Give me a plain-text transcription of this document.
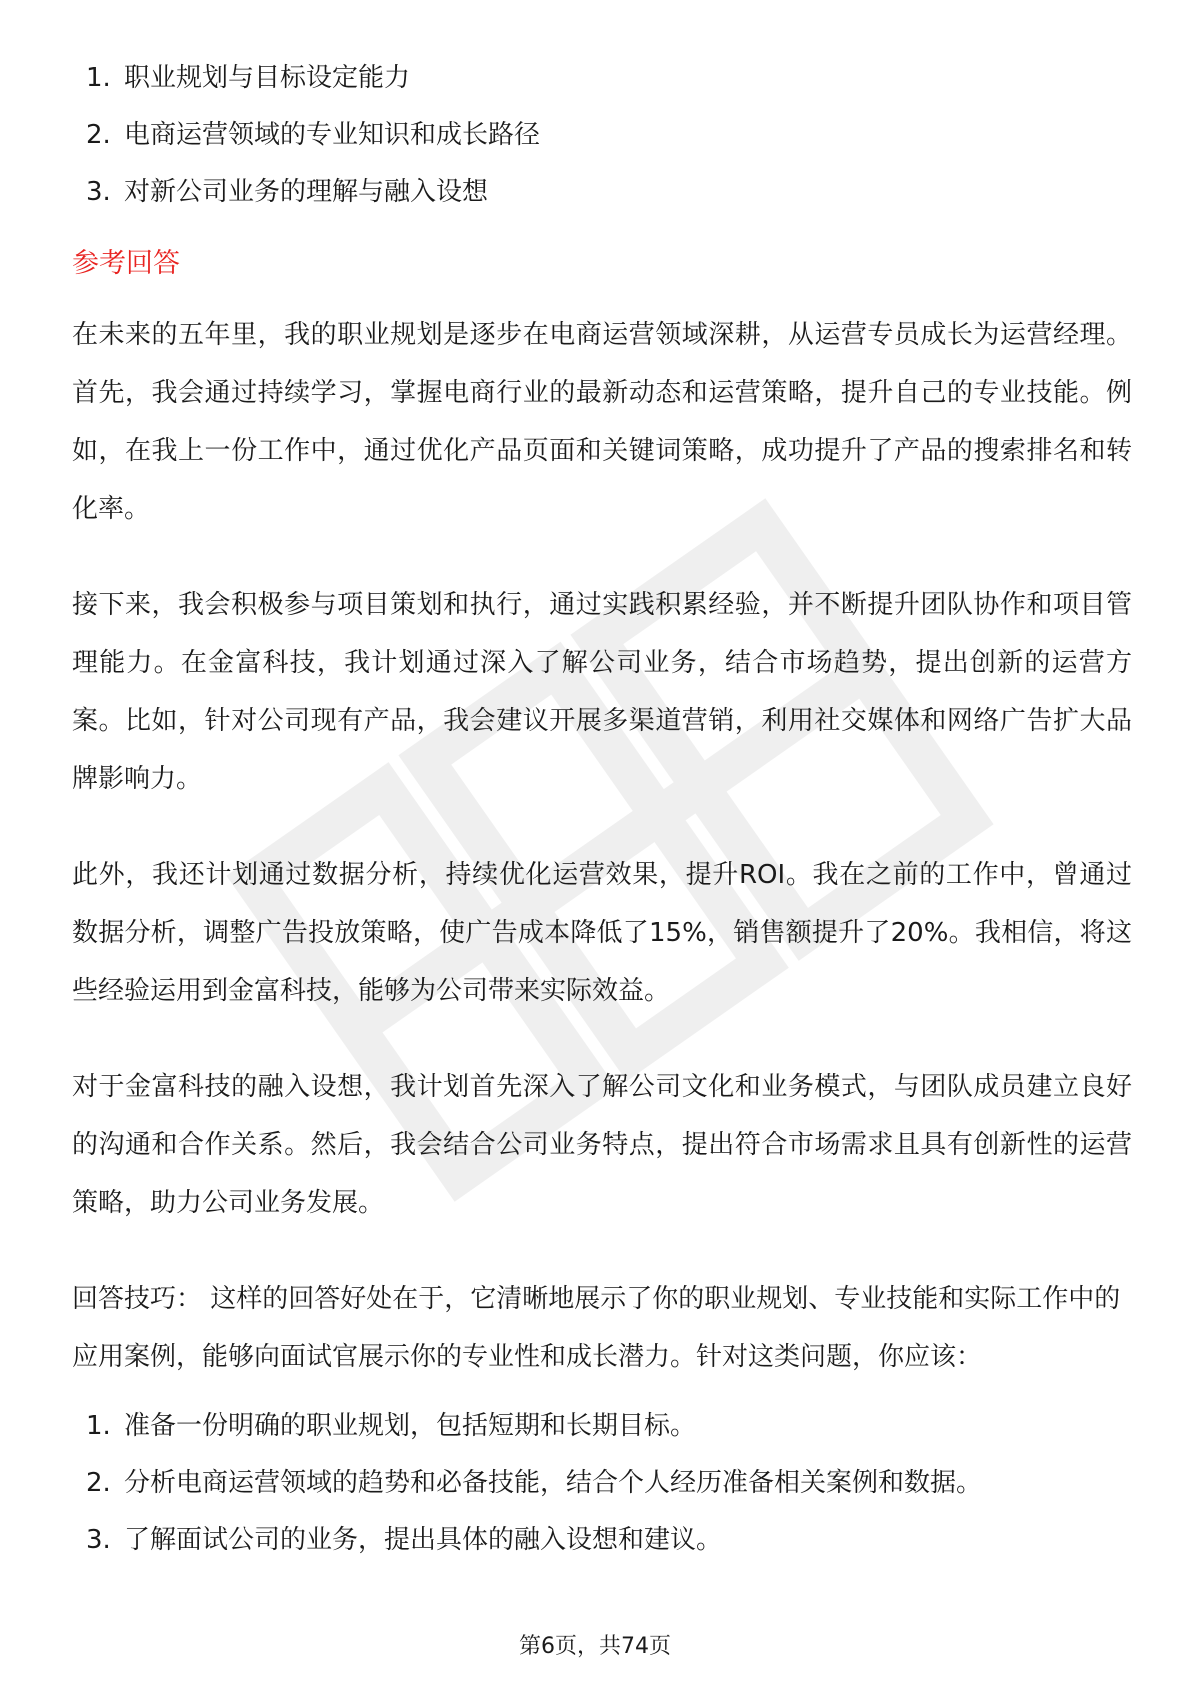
1. 职业规划与目标设定能力
2. 电商运营领域的专业知识和成长路径
3. 对新公司业务的理解与融入设想
参考回答

在未来的五年里，我的职业规划是逐步在电商运营领域深耕，从运营专员成长为运营经理。首先，我会通过持续学习，掌握电商行业的最新动态和运营策略，提升自己的专业技能。例如，在我上一份工作中，通过优化产品页面和关键词策略，成功提升了产品的搜索排名和转化率。

接下来，我会积极参与项目策划和执行，通过实践积累经验，并不断提升团队协作和项目管理能力。在金富科技，我计划通过深入了解公司业务，结合市场趋势，提出创新的运营方案。比如，针对公司现有产品，我会建议开展多渠道营销，利用社交媒体和网络广告扩大品牌影响力。

此外，我还计划通过数据分析，持续优化运营效果，提升ROI。我在之前的工作中，曾通过数据分析，调整广告投放策略，使广告成本降低了15%，销售额提升了20%。我相信，将这些经验运用到金富科技，能够为公司带来实际效益。

对于金富科技的融入设想，我计划首先深入了解公司文化和业务模式，与团队成员建立良好的沟通和合作关系。然后，我会结合公司业务特点，提出符合市场需求且具有创新性的运营策略，助力公司业务发展。

回答技巧： 这样的回答好处在于，它清晰地展示了你的职业规划、专业技能和实际工作中的应用案例，能够向面试官展示你的专业性和成长潜力。针对这类问题，你应该：

1. 准备一份明确的职业规划，包括短期和长期目标。
2. 分析电商运营领域的趋势和必备技能，结合个人经历准备相关案例和数据。
3. 了解面试公司的业务，提出具体的融入设想和建议。
第6页，共74页
